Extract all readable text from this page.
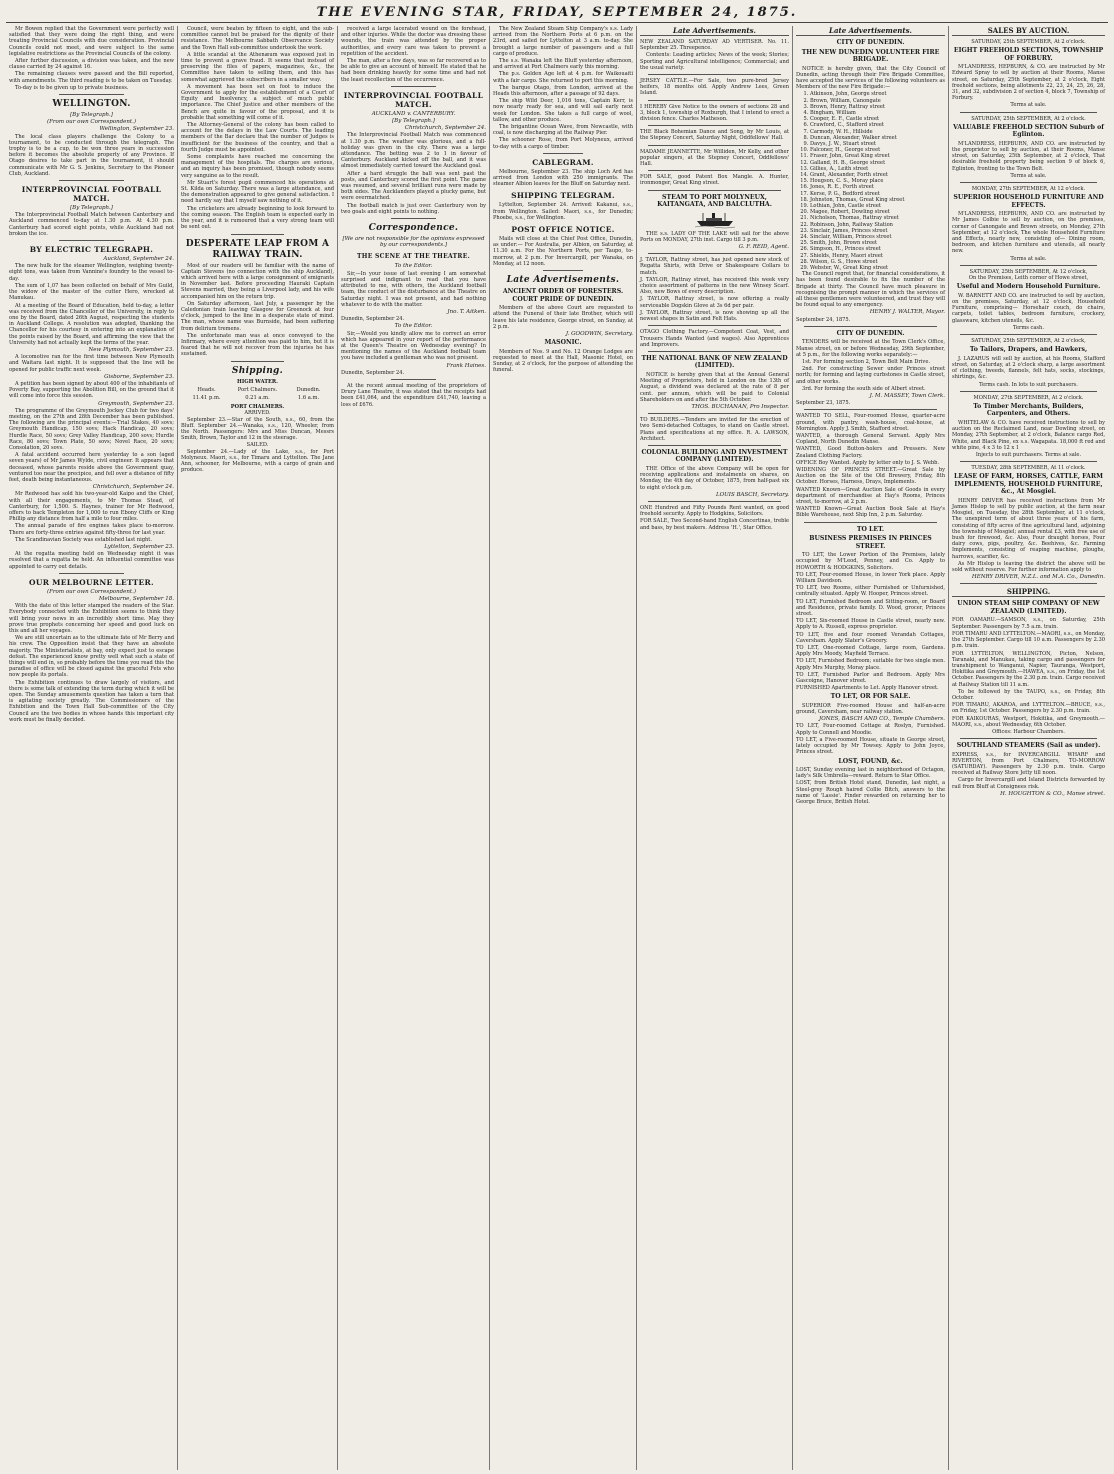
THE EVENING STAR, FRIDAY, SEPTEMBER 24, 1875.

Mr Bowen replied that the Government were perfectly well satisfied that they were doing the right thing, and were treating Provincial Councils with due consideration. Provincial Councils could not meet, and were subject to the same legislative restrictions as the Provincial Councils of the colony.

After further discussion, a division was taken, and the new clause carried by 24 against 16.

The remaining clauses were passed and the Bill reported, with amendments. The third reading is to be taken on Tuesday.

To-day is to be given up to private business.

WELLINGTON.
[By Telegraph.]
(From our own Correspondent.)
Wellington, September 23.

The local class players challenge the Colony to a tournament, to be conducted through the telegraph. The trophy is to be a cup, to be won three years in succession before it becomes the absolute property of any Province. If Otago desires to take part in the tournament, it should communicate with Mr G. S. Jenkins, Secretary to the Pioneer Club, Auckland.

INTERPROVINCIAL FOOTBALL MATCH.
[By Telegraph.]

The Interprovincial Football Match between Canterbury and Auckland commenced to-day at 1.30 p.m. At 4.30 p.m. Canterbury had scored eight points, while Auckland had not broken the ice.

BY ELECTRIC TELEGRAPH.
Auckland, September 24.

The new hulk for the steamer Wellington, weighing twenty-eight tons, was taken from Vannine's foundry to the vessel to-day.

The sum of 1,07 has been collected on behalf of Mrs Guild, the widow of the master of the cutter Hero, wrecked at Manukau.

At a meeting of the Board of Education, held to-day, a letter was received from the Chancellor of the University, in reply to one by the Board, dated 26th August, respecting the students in Auckland College. A resolution was adopted, thanking the Chancellor for his courtesy in entering into an explanation of the points raised by the Board, and affirming the view that the University had not actually kept the terms of the year.

New Plymouth, September 23.

A locomotive ran for the first time between New Plymouth and Waitara last night. It is supposed that the line will be opened for public traffic next week.

Gisborne, September 23.

A petition has been signed by about 400 of the inhabitants of Poverty Bay, supporting the Abolition Bill, on the ground that it will come into force this session.

Greymouth, September 23.

The programme of the Greymouth Jockey Club for two days' meeting, on the 27th and 28th December has been published. The following are the principal events:—Trial Stakes, 40 sovs; Greymouth Handicap, 150 sovs; Hack Handicap, 20 sovs; Hurdle Race, 50 sovs; Grey Valley Handicap, 200 sovs; Hurdle Race, 80 sovs; Town Plate, 50 sovs; Novel Race, 20 sovs; Consolation, 20 sovs.

A fatal accident occurred here yesterday to a son (aged seven years) of Mr James Wylde, civil engineer. It appears that deceased, whose parents reside above the Government quay, ventured too near the precipice, and fell over a distance of fifty feet, death being instantaneous.

Christchurch, September 24.

Mr Redwood has sold his two-year-old Kaipo and the Chief, with all their engagements, to Mr Thomas Stead, of Canterbury, for 1,500. S. Haynes, trainer for Mr Redwood, offers to back Templeton for 1,000 to run Ebony Cliffs or King Phillip any distance from half a mile to four miles.

The annual parade of fire engines takes place to-morrow. There are forty-three entries against fifty-three for last year.

The Scandinavian Society was established last night.

Lyttelton, September 23.

At the regatta meeting held on Wednesday night it was resolved that a regatta be held. An influential committee was appointed to carry out details.

OUR MELBOURNE LETTER.
(From our own Correspondent.)
Melbourne, September 18.

With the date of this letter stamped the readers of the Star. Everybody connected with the Exhibition seems to think they will bring your news in an incredibly short time. May they prove true prophets concerning her speed and good luck on this and all her voyages.

We are still uncertain as to the ultimate fate of Mr Berry and his crew. The Opposition insist that they have an absolute majority. The Ministerialists, at bay, only expect just to escape defeat. The experienced know pretty well what such a state of things will end in, so probably before the time you read this the paradise of office will be closed against the graceful Fets who now people its portals.

The Exhibition continues to draw largely of visitors, and there is some talk of extending the term during which it will be open. The Sunday amusements question has taken a turn that is agitating society greatly. The Commissioners of the Exhibition and the Town Hall Sub-committee of the City Council are the two bodies in whose hands this important city work must be finally decided.

Council, were beaten by fifteen to eight, and the sub-committee cannot but be praised for the dignity of their resistance. The Melbourne Sabbath Observance Society and the Town Hall sub-committee undertook the work.

A little scandal at the Athenæum was exposed just in time to prevent a grave fraud. It seems that instead of preserving the files of papers, magazines, &c., the Committee have taken to selling them, and this has somewhat aggrieved the subscribers in a smaller way.

A movement has been set on foot to induce the Government to apply for the establishment of a Court of Equity and Insolvency, a subject of much public importance. The Chief Justice and other members of the Bench are quite in favour of the proposal, and it is probable that something will come of it.

The Attorney-General of the colony has been called to account for the delays in the Law Courts. The leading members of the Bar declare that the number of Judges is insufficient for the business of the country, and that a fourth Judge must be appointed.

Some complaints have reached me concerning the management of the hospitals. The charges are serious, and an inquiry has been promised, though nobody seems very sanguine as to the result.

Mr Stuart's forest pupil commenced his operations at St. Kilda on Saturday. There was a large attendance, and the demonstration appeared to give general satisfaction. I need hardly say that I myself saw nothing of it.

The cricketers are already beginning to look forward to the coming season. The English team is expected early in the year, and it is rumoured that a very strong team will be sent out.

DESPERATE LEAP FROM A RAILWAY TRAIN.

Most of our readers will be familiar with the name of Captain Stevens (no connection with the ship Auckland), which arrived here with a large consignment of emigrants in November last. Before proceeding Hauraki Captain Stevens married, they being a Liverpool lady, and his wife accompanied him on the return trip.

On Saturday afternoon, last July, a passenger by the Caledonian train leaving Glasgow for Greenock at four o'clock, jumped to the line in a desperate state of mind. The man, whose name was Burnside, had been suffering from delirium tremens.

The unfortunate man was at once conveyed to the Infirmary, where every attention was paid to him, but it is feared that he will not recover from the injuries he has sustained.

Shipping.
HIGH WATER.
Heads.	Port Chalmers.	Dunedin.
11.41 p.m.	0.21 a.m.	1.6 a.m.
PORT CHALMERS.
ARRIVED.

September 23.—Star of the South, s.s., 60, from the Bluff. September 24.—Wanaka, s.s., 120, Wheeler, from the North. Passengers: Mrs and Miss Duncan, Messrs Smith, Brown, Taylor and 12 in the steerage.

SAILED.

September 24.—Lady of the Lake, s.s., for Port Molyneux. Maori, s.s., for Timaru and Lyttelton. The Jane Ann, schooner, for Melbourne, with a cargo of grain and produce.

received a large lacerated wound on the forehead, and other injuries. While the doctor was dressing these wounds, the train was attended by the proper authorities, and every care was taken to prevent a repetition of the accident.

The man, after a few days, was so far recovered as to be able to give an account of himself. He stated that he had been drinking heavily for some time and had not the least recollection of the occurrence.

INTERPROVINCIAL FOOTBALL MATCH.
AUCKLAND v. CANTERBURY.
[By Telegraph.]
Christchurch, September 24.

The Interprovincial Football Match was commenced at 1.30 p.m. The weather was glorious, and a full-holiday was given in the city. There was a large attendance. The betting was 2 to 1 in favour of Canterbury. Auckland kicked off the ball, and it was almost immediately carried toward the Auckland goal.

After a hard struggle the ball was sent past the posts, and Canterbury scored the first point. The game was resumed, and several brilliant runs were made by both sides. The Aucklanders played a plucky game, but were overmatched.

The football match is just over. Canterbury won by two goals and eight points to nothing.

Correspondence.
[We are not responsible for the opinions expressed by our correspondents.]
THE SCENE AT THE THEATRE.
To the Editor.

Sir,—In your issue of last evening I am somewhat surprised and indignant to read that you have attributed to me, with others, the Auckland football team, the conduct of the disturbance at the Theatre on Saturday night. I was not present, and had nothing whatever to do with the matter.

Jno. T. Aitken.

Dunedin, September 24.

To the Editor.

Sir,—Would you kindly allow me to correct an error which has appeared in your report of the performance at the Queen's Theatre on Wednesday evening? In mentioning the names of the Auckland football team you have included a gentleman who was not present.

Frank Haines.

Dunedin, September 24.

At the recent annual meeting of the proprietors of Drury Lane Theatre, it was stated that the receipts had been £41,064, and the expenditure £41,740, leaving a loss of £676.

The New Zealand Steam Ship Company's s.s. Lady arrived from the Northern Ports at 6 p.m. on the 23rd, and sailed for Lyttelton at 3 a.m. to-day. She brought a large number of passengers and a full cargo of produce.

The s.s. Wanaka left the Bluff yesterday afternoon, and arrived at Port Chalmers early this morning.

The p.s. Golden Age left at 4 p.m. for Waikouaiti with a fair cargo. She returned to port this morning.

The barque Otago, from London, arrived at the Heads this afternoon, after a passage of 92 days.

The ship Wild Deer, 1,016 tons, Captain Kerr, is now nearly ready for sea, and will sail early next week for London. She takes a full cargo of wool, tallow, and other produce.

The brigantine Ocean Wave, from Newcastle, with coal, is now discharging at the Railway Pier.

The schooner Rose, from Port Molyneux, arrived to-day with a cargo of timber.

CABLEGRAM.

Melbourne, September 23. The ship Loch Ard has arrived from London with 250 immigrants. The steamer Albion leaves for the Bluff on Saturday next.

SHIPPING TELEGRAM.

Lyttelton, September 24. Arrived: Kakanui, s.s., from Wellington. Sailed: Maori, s.s., for Dunedin; Phoebe, s.s., for Wellington.

POST OFFICE NOTICE.

Mails will close at the Chief Post Office, Dunedin, as under:— For Australia, per Albion, on Saturday, at 11.30 a.m. For the Northern Ports, per Taupo, to-morrow, at 2 p.m. For Invercargill, per Wanaka, on Monday, at 12 noon.

Late Advertisements.
ANCIENT ORDER OF FORESTERS. COURT PRIDE OF DUNEDIN.

Members of the above Court are requested to attend the Funeral of their late Brother, which will leave his late residence, George street, on Sunday, at 2 p.m.

J. GOODWIN, Secretary.
MASONIC.

Members of Nos. 9 and No. 12 Orange Lodges are requested to meet at the Hall, Masonic Hotel, on Sunday, at 2 o'clock, for the purpose of attending the funeral.

Late Advertisements.

NEW ZEALAND SATURDAY AD VERTISER. No. 11. September 25. Threepence.

Contents: Leading articles; News of the week; Stories; Sporting and Agricultural intelligence; Commercial; and the usual variety.

JERSEY CATTLE.—For Sale, two pure-bred Jersey heifers, 18 months old. Apply Andrew Lees, Green Island.

I HEREBY Give Notice to the owners of sections 28 and 3, block 1, township of Roxburgh, that I intend to erect a division fence. Charles Matheson.

THE Black Bohemian Dance and Song, by Mr Louis, at the Stepney Concert, Saturday Night, Oddfellows' Hall.

MADAME JEANNETTE, Mr Williden, Mr Kelly, and other popular singers, at the Stepney Concert, Oddfellows' Hall.

FOR SALE, good Patent Box Mangle. A. Hunter, ironmonger, Great King street.

STEAM TO PORT MOLYNEUX, KAITANGATA, AND BALCLUTHA.

THE s.s. LADY OF THE LAKE will sail for the above Ports on MONDAY, 27th inst. Cargo till 3 p.m.

G. F. REID, Agent.

J. TAYLOR, Rattray street, has just opened new stock of Regatta Shirts, with Drive or Shakespeare Collars to match.

J. TAYLOR, Rattray street, has received this week very choice assortment of patterns in the new Winsey Scarf. Also, new Bows of every description.

J. TAYLOR, Rattray street, is now offering a really serviceable Dogskin Glove at 3s 6d per pair.

J. TAYLOR, Rattray street, is now showing up all the newest shapes in Satin and Felt Hats.

OTAGO Clothing Factory.—Competent Coat, Vest, and Trousers Hands Wanted (and wages). Also Apprentices and Improvers.

THE NATIONAL BANK OF NEW ZEALAND (LIMITED).

NOTICE is hereby given that at the Annual General Meeting of Proprietors, held in London on the 13th of August, a dividend was declared at the rate of 8 per cent. per annum, which will be paid to Colonial Shareholders on and after the 5th October.

THOS. BUCHANAN, Pro Inspector.

TO BUILDERS.—Tenders are invited for the erection of two Semi-detached Cottages, to stand on Castle street. Plans and specifications at my office. R. A. LAWSON, Architect.

COLONIAL BUILDING AND INVESTMENT COMPANY (LIMITED).

THE Office of the above Company will be open for receiving applications and instalments on shares, on Monday, the 4th day of October, 1875, from half-past six to eight o'clock p.m.

LOUIS BASCH, Secretary.

ONE Hundred and Fifty Pounds Rent wanted, on good freehold security. Apply to Hodgkins, Solicitors.

FOR SALE, Two Second-hand English Concertinas, treble and bass, by best makers. Address 'H.', Star Office.

Late Advertisements.
CITY OF DUNEDIN.
THE NEW DUNEDIN VOLUNTEER FIRE BRIGADE.

NOTICE is hereby given, that the City Council of Dunedin, acting through their Fire Brigade Committee, have accepted the services of the following volunteers as Members of the new Fire Brigade:—

1. Atkinson, John, George street
2. Brown, William, Canongate
3. Brown, Henry, Rattray street
4. Bingham, William
5. Cooper, E. F., Castle street
6. Crawford, C., Stafford street
7. Carmody, W. H., Hillside
8. Duncan, Alexander, Walker street
9. Davys, J. W., Stuart street
10. Falconer, H., George street
11. Fraser, John, Great King street
12. Galland, H. B., George street
13. Gillies, A., Leith street
14. Grant, Alexander, Forth street
15. Hougson, C. S., Moray place
16. Jones, R. E., Forth street
17. Kerse, P. G., Bedford street
18. Johnston, Thomas, Great King street
19. Lothian, John, Castle street
20. Magee, Robert, Dowling street
21. Nicholson, Thomas, Rattray street
22. Robinson, John, Railway Station
23. Sinclair, James, Princes street
24. Sinclair, William, Princes street
25. Smith, John, Brown street
26. Simpson, H., Princes street
27. Shields, Henry, Maori street
28. Wilson, G. S., Howe street
29. Webster, W., Great King street

The Council regret that, for financial considerations, it has been found desirable to fix the number of the Brigade at thirty. The Council have much pleasure in recognising the prompt manner in which the services of all these gentlemen were volunteered, and trust they will be found equal to any emergency.

HENRY J. WALTER, Mayor.

September 24, 1875.

CITY OF DUNEDIN.

TENDERS will be received at the Town Clerk's Office, Manse street, on or before Wednesday, 29th September, at 5 p.m., for the following works separately:—

1st. For forming section 2, Town Belt Main Drive.

2nd. For constructing Sewer under Princes street north; for forming and laying curbstones in Castle street, and other works.

3rd. For forming the south side of Albert street.

J. M. MASSEY, Town Clerk.

September 23, 1875.

WANTED TO SELL, Four-roomed House, quarter-acre ground, with pantry, wash-house, coal-house, at Mornington. Apply J. Smith, Stafford street.

WANTED, a thorough General Servant. Apply Mrs Copland, North Dunedin Manse.

WANTED, Good Button-holers and Pressers. New Zealand Clothing Factory.

OFFICE Boy Wanted. Apply by letter only to J. S. Webb.

WIDENING OF PRINCES STREET.—Great Sale by Auction on the Site of the Old Brewery, Friday, 8th October. Horses, Harness, Drays, Implements.

WANTED Known—Great Auction Sale of Goods in every department of merchandise at Hay's Rooms, Princes street, to-morrow, at 2 p.m.

WANTED Known—Great Auction Book Sale at Hay's Bible Warehouse, next Ship Inn, 2 p.m. Saturday.

TO LET.
BUSINESS PREMISES IN PRINCES STREET.

TO LET, the Lower Portion of the Premises, lately occupied by M'Leod, Penney, and Co. Apply to HOWORTH & HODGKINS, Solicitors.

TO LET, Four-roomed House, in lower York place. Apply William Davidson.

TO LET, two Rooms, either Furnished or Unfurnished, centrally situated. Apply W. Hooper, Princes street.

TO LET, Furnished Bedroom and Sitting-room, or Board and Residence, private family. D. Wood, grocer, Princes street.

TO LET, Six-roomed House in Castle street, nearly new. Apply to A. Russell, express proprietor.

TO LET, five and four roomed Verandah Cottages, Caversham. Apply Slater's Grocery.

TO LET, One-roomed Cottage, large room, Gardens. Apply Mrs Moody, Mayfield Terrace.

TO LET, Furnished Bedroom; suitable for two single men. Apply Mrs Murphy, Moray place.

TO LET, Furnished Parlor and Bedroom. Apply Mrs Gascoigne, Hanover street.

FURNISHED Apartments to Let. Apply Hanover street.

TO LET, OR FOR SALE.

SUPERIOR Five-roomed House and half-an-acre ground, Caversham, near railway station.

JONES, BASCH AND CO., Temple Chambers.

TO LET, Four-roomed Cottage at Roslyn, Furnished. Apply to Connell and Moodie.

TO LET, a Five-roomed House, situate in George street, lately occupied by Mr Towsey. Apply to John Joyce, Princes street.

LOST, FOUND, &c.

LOST, Sunday evening last in neighborhood of Octagon, lady's Silk Umbrella—reward. Return to Star Office.

LOST, from British Hotel stand, Dunedin, last night, a Steel-grey Rough haired Collie Bitch, answers to the name of 'Lassie'. Finder rewarded on returning her to George Bruce, British Hotel.

SALES BY AUCTION.
SATURDAY, 25th SEPTEMBER, At 2 o'clock.
EIGHT FREEHOLD SECTIONS, TOWNSHIP OF FORBURY.

M'LANDRESS, HEPBURN, & CO. are instructed by Mr Edward Spray to sell by auction at their Rooms, Manse street, on Saturday, 25th September, at 2 o'clock, Eight freehold sections, being allotments 22, 23, 24, 25, 26, 28, 31, and 32, subdivision 2 of section 4, block 7, Township of Forbury.

Terms at sale.
SATURDAY, 25th SEPTEMBER, At 2 o'clock.
VALUABLE FREEHOLD SECTION Suburb of Eglinton.

M'LANDRESS, HEPBURN, AND CO. are instructed by the proprietor to sell by auction, at their Rooms, Manse street, on Saturday, 25th September, at 2 o'clock, That desirable freehold property being section 9 of block 6, Eglinton, fronting to the Town Belt.

Terms at sale.
MONDAY, 27th SEPTEMBER, At 12 o'clock.
SUPERIOR HOUSEHOLD FURNITURE AND EFFECTS.

M'LANDRESS, HEPBURN, AND CO. are instructed by Mr James Colbie to sell by auction, on the premises, corner of Canongate and Brown streets, on Monday, 27th September, at 12 o'clock, The whole Household Furniture and Effects, nearly new, consisting of— Dining room, bedroom, and kitchen furniture and utensils, all nearly new.

Terms at sale.
SATURDAY, 25th SEPTEMBER, At 12 o'clock,
On the Premises, Leith corner of Howe street,
Useful and Modern Household Furniture.

W. BARNETT AND CO. are instructed to sell by auction, on the premises, Saturday, at 12 o'clock, Household Furniture, comprising— Horsehair couch, do chairs, carpets, toilet tables, bedroom furniture, crockery, glassware, kitchen utensils, &c.

Terms cash.
SATURDAY, 25th SEPTEMBER, At 2 o'clock,
To Tailors, Drapers, and Hawkers,

J. LAZARUS will sell by auction, at his Rooms, Stafford street, on Saturday, at 2 o'clock sharp, a large assortment of clothing, tweeds, flannels, felt hats, socks, stockings, shirtings, &c.

Terms cash. In lots to suit purchasers.
MONDAY, 27th SEPTEMBER, At 2 o'clock.
To Timber Merchants, Builders, Carpenters, and Others.

WHITELAW & CO. have received instructions to sell by auction on the Reclaimed Land, near Dowling street, on Monday, 27th September, at 2 o'clock, Balance cargo Red, White, and Black Pine, ex s.s. Wagapata. 18,000 ft red and white pine, 4 x 3 to 12 x 1

Injects to suit purchasers. Terms at sale.
TUESDAY, 28th SEPTEMBER, At 11 o'clock.
LEASE OF FARM, HORSES, CATTLE, FARM IMPLEMENTS, HOUSEHOLD FURNITURE, &c., At Mosgiel.

HENRY DRIVER has received instructions from Mr James Hislop to sell by public auction, at the farm near Mosgiel, on Tuesday, the 28th September, at 11 o'clock, The unexpired term of about three years of his farm, consisting of fifty acres of fine agricultural land, adjoining the township of Mosgiel; annual rental £3, with free use of bush for firewood, &c. Also, Four draught horses, Four dairy cows, pigs, poultry, &c. Beehives, &c. Farming Implements, consisting of reaping machine, ploughs, harrows, scarifier, &c.

As Mr Hislop is leaving the district the above will be sold without reserve. For further information apply to

HENRY DRIVER, N.Z.L. and M.A. Co., Dunedin.
SHIPPING.
UNION STEAM SHIP COMPANY OF NEW ZEALAND (LIMITED).

FOR OAMARU.—SAMSON, s.s., on Saturday, 25th September. Passengers by 7.5 a.m. train.

FOR TIMARU AND LYTTELTON.—MAORI, s.s., on Monday, the 27th September. Cargo till 10 a.m. Passengers by 2.30 p.m. train.

FOR LYTTELTON, WELLINGTON, Picton, Nelson, Taranaki, and Manukau, taking cargo and passengers for transhipment to Wanganui, Napier, Tauranga, Westport, Hokitika and Greymouth.—HAWEA, s.s., on Friday, the 1st October. Passengers by the 2.30 p.m. train. Cargo received at Railway Station till 11 a.m.

To be followed by the TAUPO, s.s., on Friday, 8th October.

FOR TIMARU, AKAROA, and LYTTELTON.—BRUCE, s.s., on Friday, 1st October. Passengers by 2.30 p.m. train.

FOR KAIKOURAS, Westport, Hokitika, and Greymouth.—MAORI, s.s., about Wednesday, 6th October.

Offices: Harbour Chambers.
SOUTHLAND STEAMERS (Sail as under).

EXPRESS, s.s., for INVERCARGILL WHARF and RIVERTON, from Port Chalmers, TO-MORROW (SATURDAY). Passengers by 2.30 p.m. train. Cargo received at Railway Store Jetty till noon.

Cargo for Invercargill and Island Districts forwarded by rail from Bluff at Consignees risk.

H. HOUGHTON & CO., Manse street.
